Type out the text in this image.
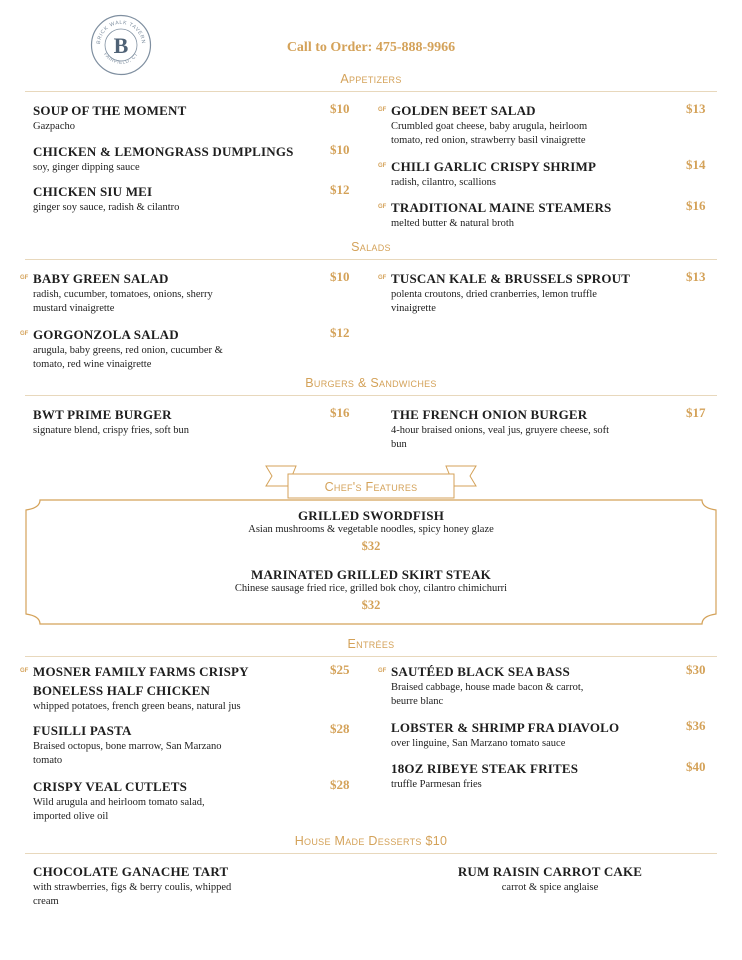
BRICK WALK TAVERN
FAIRFIELD, CT
B	Call to Order: 475-888-9966
Appetizers
SOUP OF THE MOMENT
Gazpacho
$10
CHICKEN & LEMONGRASS DUMPLINGS
soy, ginger dipping sauce
$10
CHICKEN SIU MEI
ginger soy sauce, radish & cilantro
$12
GF GOLDEN BEET SALAD
Crumbled goat cheese, baby arugula, heirloom
tomato, red onion, strawberry basil vinaigrette
$13
GF CHILI GARLIC CRISPY SHRIMP
radish, cilantro, scallions
$14
GF TRADITIONAL MAINE STEAMERS
melted butter & natural broth
$16
Salads
GF BABY GREEN SALAD
radish, cucumber, tomatoes, onions, sherry
mustard vinaigrette
$10
GF GORGONZOLA SALAD
arugula, baby greens, red onion, cucumber &
tomato, red wine vinaigrette
$12
GF TUSCAN KALE & BRUSSELS SPROUT
polenta croutons, dried cranberries, lemon truffle
vinaigrette
$13
Burgers & Sandwiches
BWT PRIME BURGER
signature blend, crispy fries, soft bun
$16	THE FRENCH ONION BURGER
4-hour braised onions, veal jus, gruyere cheese, soft
bun
$17
Chef's Features
GRILLED SWORDFISH
Asian mushrooms & vegetable noodles, spicy honey glaze
$32
MARINATED GRILLED SKIRT STEAK
Chinese sausage fried rice, grilled bok choy, cilantro chimichurri
$32
Entrées
GF MOSNER FAMILY FARMS CRISPY
BONELESS HALF CHICKEN
whipped potatoes, french green beans, natural jus
$25
FUSILLI PASTA
Braised octopus, bone marrow, San Marzano
tomato
$28
CRISPY VEAL CUTLETS
Wild arugula and heirloom tomato salad,
imported olive oil
$28
GF SAUTÉED BLACK SEA BASS
Braised cabbage, house made bacon & carrot,
beurre blanc
$30
LOBSTER & SHRIMP FRA DIAVOLO
over linguine, San Marzano tomato sauce
$36
18OZ RIBEYE STEAK FRITES
truffle Parmesan fries
$40
House Made Desserts $10
CHOCOLATE GANACHE TART
with strawberries, figs & berry coulis, whipped
cream
RUM RAISIN CARROT CAKE
carrot & spice anglaise
